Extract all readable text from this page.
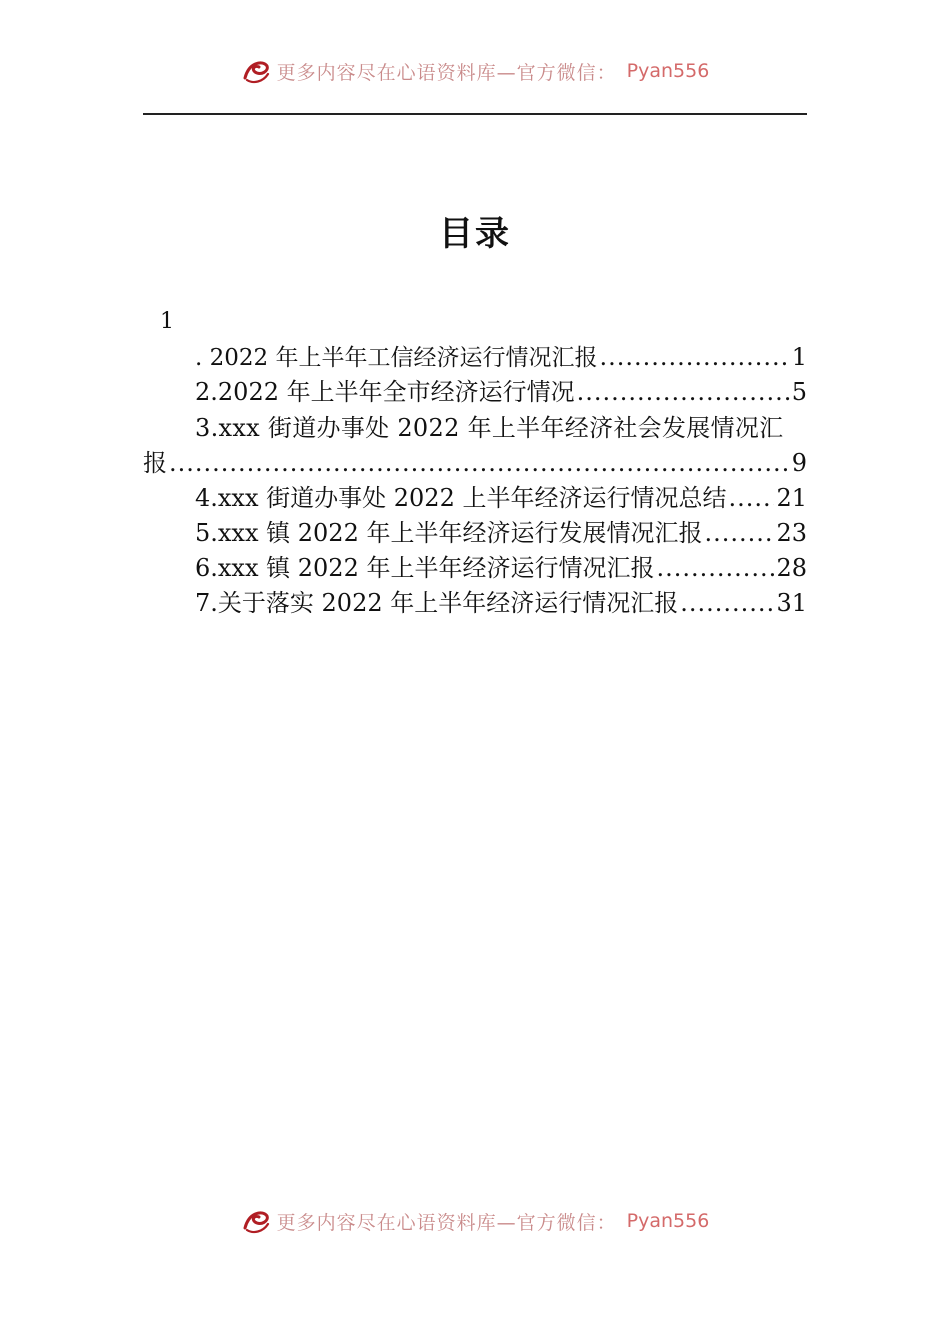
更多内容尽在心语资料库—官方微信： Pyan556
目录
1
. 2022 年上半年工信经济运行情况汇报 .....	1
2.2022 年上半年全市经济运行情况 .....	5
3.xxx 街道办事处 2022 年上半年经济社会发展情况汇
报 .....	9
4.xxx 街道办事处 2022 上半年经济运行情况总结 ..... 21
5.xxx 镇 2022 年上半年经济运行发展情况汇报 .....	23
6.xxx 镇 2022 年上半年经济运行情况汇报 .....	28
7.关于落实 2022 年上半年经济运行情况汇报 .....	31
更多内容尽在心语资料库—官方微信： Pyan556
